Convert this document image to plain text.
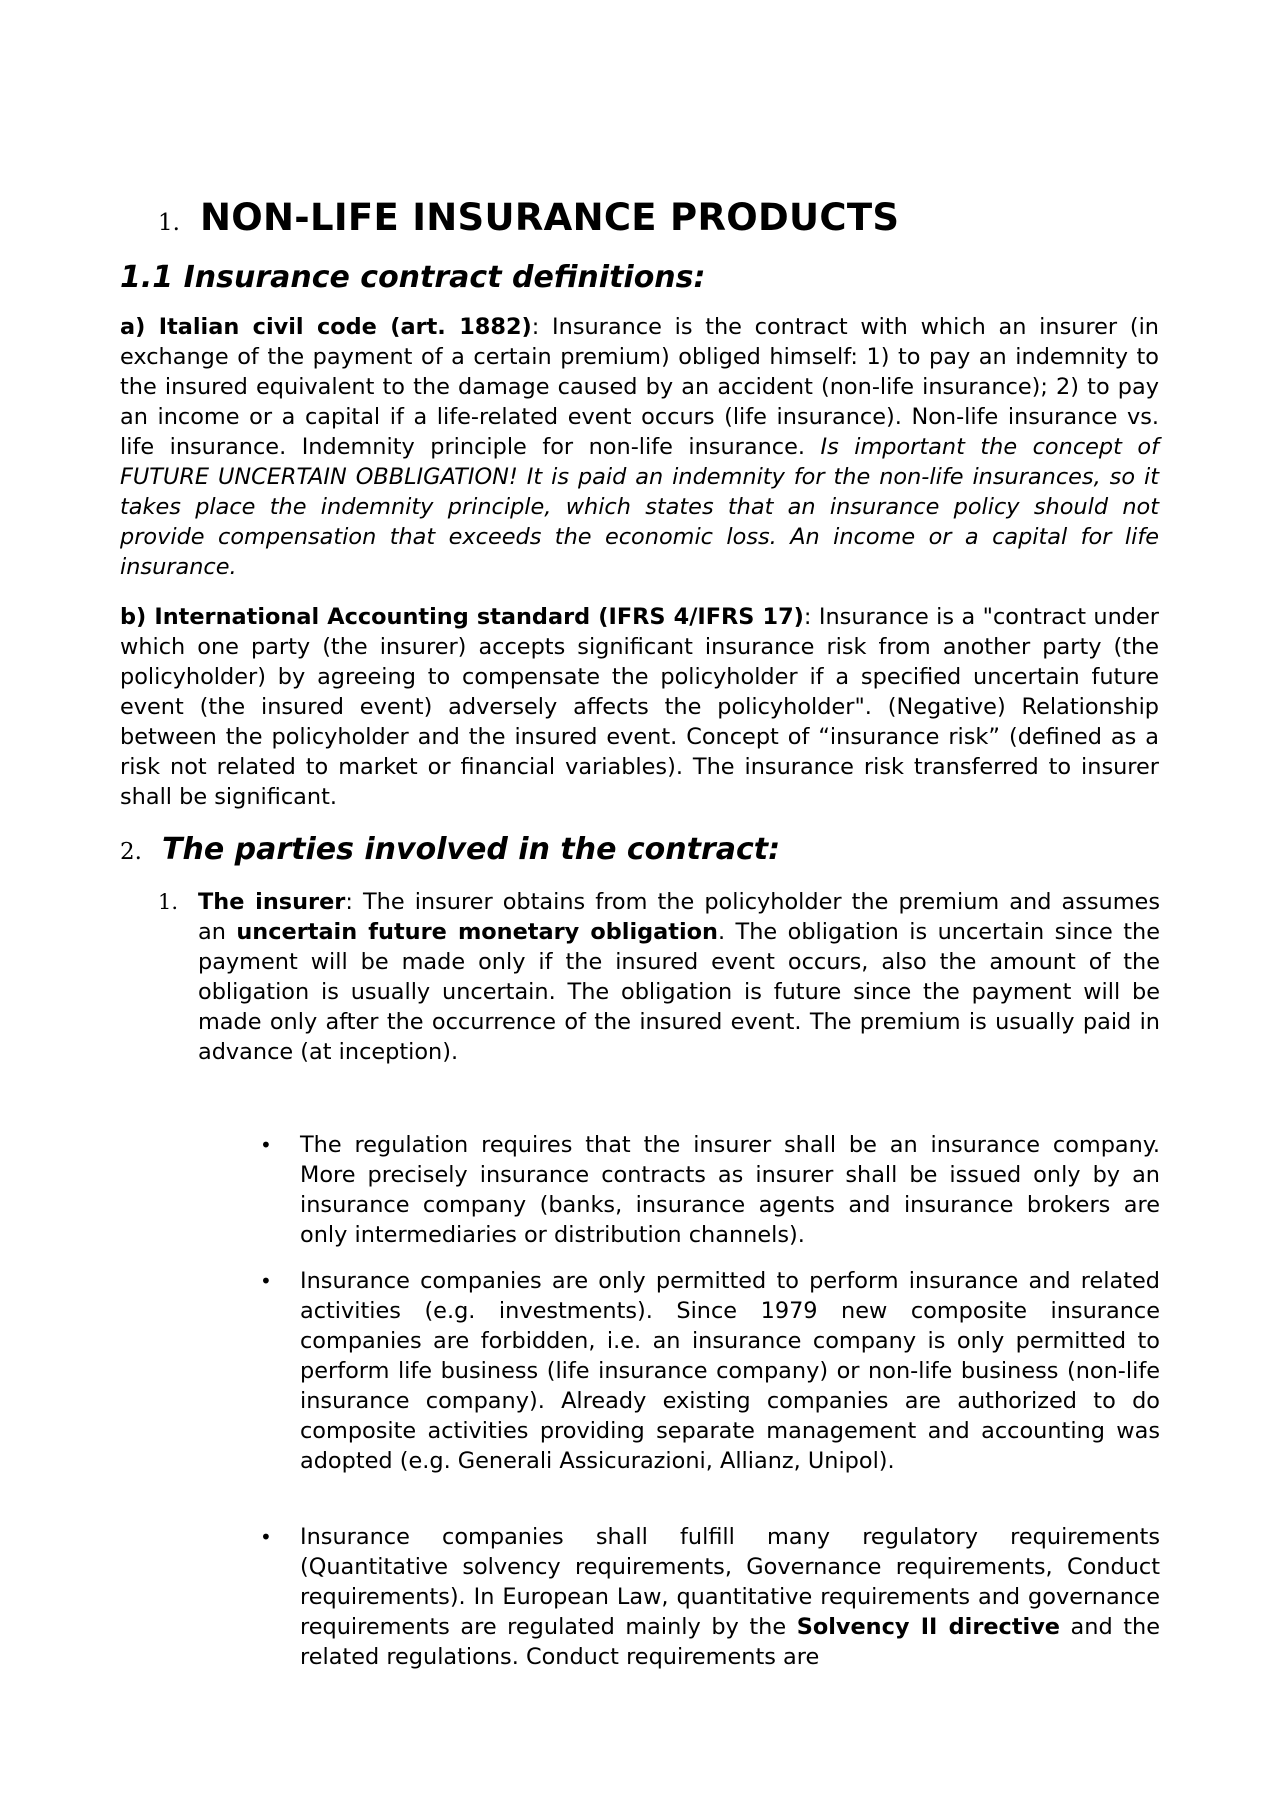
1. NON-LIFE INSURANCE PRODUCTS
1.1 Insurance contract definitions:

a) Italian civil code (art. 1882): Insurance is the contract with which an insurer (in exchange of the payment of a certain premium) obliged himself: 1) to pay an indemnity to the insured equivalent to the damage caused by an accident (non-life insurance); 2) to pay an income or a capital if a life-related event occurs (life insurance). Non-life insurance vs. life insurance. Indemnity principle for non-life insurance. Is important the concept of FUTURE UNCERTAIN OBBLIGATION! It is paid an indemnity for the non-life insurances, so it takes place the indemnity principle, which states that an insurance policy should not provide compensation that exceeds the economic loss. An income or a capital for life insurance.

b) International Accounting standard (IFRS 4/IFRS 17): Insurance is a "contract under which one party (the insurer) accepts significant insurance risk from another party (the policyholder) by agreeing to compensate the policyholder if a specified uncertain future event (the insured event) adversely affects the policyholder". (Negative) Relationship between the policyholder and the insured event. Concept of “insurance risk” (defined as a risk not related to market or financial variables). The insurance risk transferred to insurer shall be significant.

2. The parties involved in the contract:
1. The insurer: The insurer obtains from the policyholder the premium and assumes an uncertain future monetary obligation. The obligation is uncertain since the payment will be made only if the insured event occurs, also the amount of the obligation is usually uncertain. The obligation is future since the payment will be made only after the occurrence of the insured event. The premium is usually paid in advance (at inception).
•	The regulation requires that the insurer shall be an insurance company. More precisely insurance contracts as insurer shall be issued only by an insurance company (banks, insurance agents and insurance brokers are only intermediaries or distribution channels).
•	Insurance companies are only permitted to perform insurance and related activities (e.g. investments). Since 1979 new composite insurance companies are forbidden, i.e. an insurance company is only permitted to perform life business (life insurance company) or non-life business (non-life insurance company). Already existing companies are authorized to do composite activities providing separate management and accounting was adopted (e.g. Generali Assicurazioni, Allianz, Unipol).
•	Insurance companies shall fulfill many regulatory requirements (Quantitative solvency requirements, Governance requirements, Conduct requirements). In European Law, quantitative requirements and governance requirements are regulated mainly by the Solvency II directive and the related regulations. Conduct requirements are
